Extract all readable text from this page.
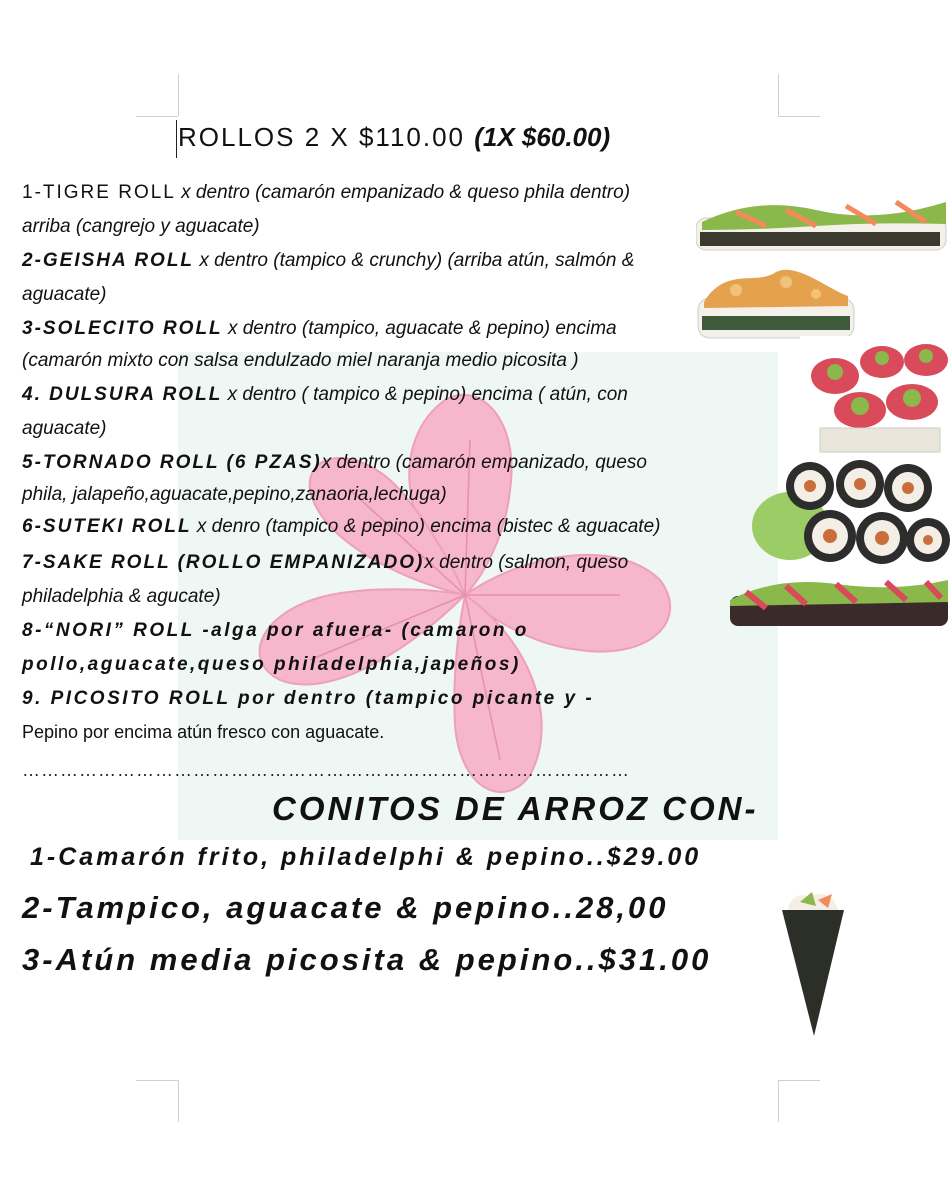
ROLLOS 2 X $110.00 (1X $60.00)
1-TIGRE ROLL x dentro (camarón empanizado & queso phila dentro)
arriba (cangrejo y aguacate)
2-GEISHA ROLL x dentro (tampico & crunchy) (arriba atún, salmón &
aguacate)
3-SOLECITO ROLL x dentro (tampico, aguacate & pepino) encima
(camarón mixto con salsa endulzado miel naranja medio picosita )
4. DULSURA ROLL x dentro ( tampico & pepino) encima ( atún, con
aguacate)
5-TORNADO ROLL (6 PZAS)x dentro (camarón empanizado, queso
phila, jalapeño,aguacate,pepino,zanaoria,lechuga)
6-SUTEKI ROLL x denro (tampico & pepino) encima (bistec & aguacate)
7-SAKE ROLL (ROLLO EMPANIZADO)x dentro (salmon, queso
philadelphia & agucate)
8-“NORI” ROLL -alga por afuera- (camaron o
pollo,aguacate,queso philadelphia,japeños)
9. PICOSITO ROLL por dentro (tampico picante y -
Pepino por encima atún fresco con aguacate.
……………………………………………………………………………………
CONITOS DE ARROZ CON-
1-Camarón frito, philadelphi & pepino..$29.00
2-Tampico, aguacate & pepino..28,00
3-Atún media picosita & pepino..$31.00
